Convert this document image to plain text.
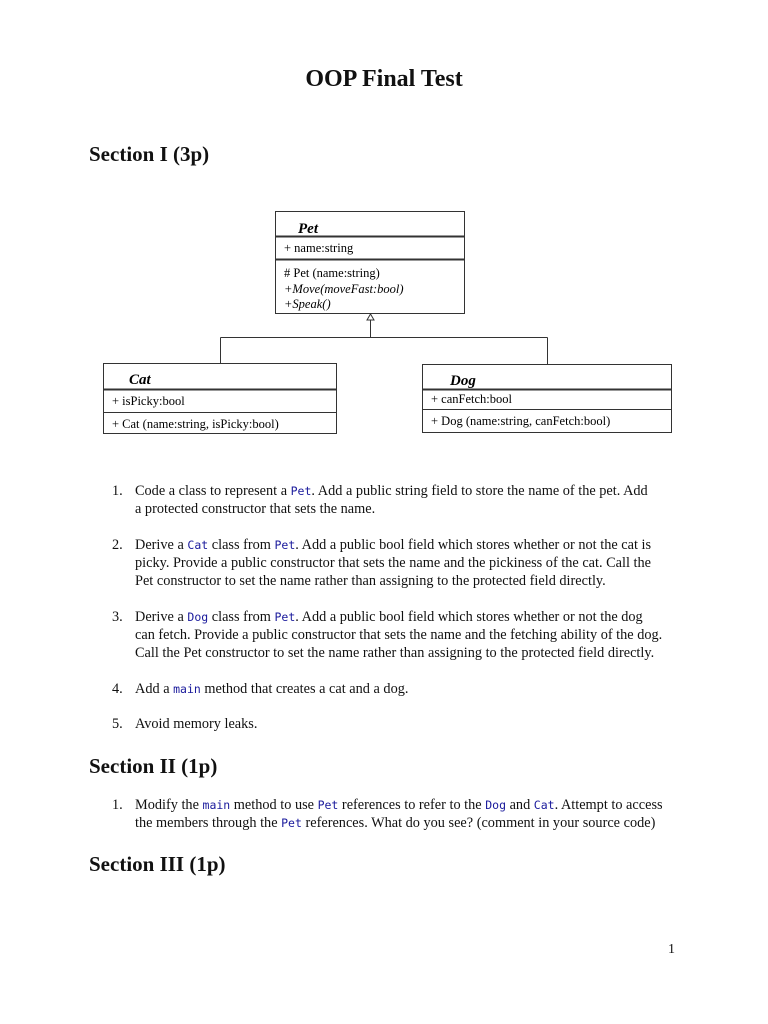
OOP Final Test
Section I (3p)
Pet
+ name:string
# Pet (name:string)
+Move(moveFast:bool)
+Speak()
Cat
+ isPicky:bool
+ Cat (name:string, isPicky:bool)
Dog
+ canFetch:bool
+ Dog (name:string, canFetch:bool)
1. Code a class to represent a Pet. Add a public string field to store the name of the pet. Add
a protected constructor that sets the name.
2. Derive a Cat class from Pet. Add a public bool field which stores whether or not the cat is
picky. Provide a public constructor that sets the name and the pickiness of the cat. Call the
Pet constructor to set the name rather than assigning to the protected field directly.
3. Derive a Dog class from Pet. Add a public bool field which stores whether or not the dog
can fetch. Provide a public constructor that sets the name and the fetching ability of the dog.
Call the Pet constructor to set the name rather than assigning to the protected field directly.
4. Add a main method that creates a cat and a dog.
5. Avoid memory leaks.
Section II (1p)
1. Modify the main method to use Pet references to refer to the Dog and Cat. Attempt to access
the members through the Pet references. What do you see? (comment in your source code)
Section III (1p)
1
